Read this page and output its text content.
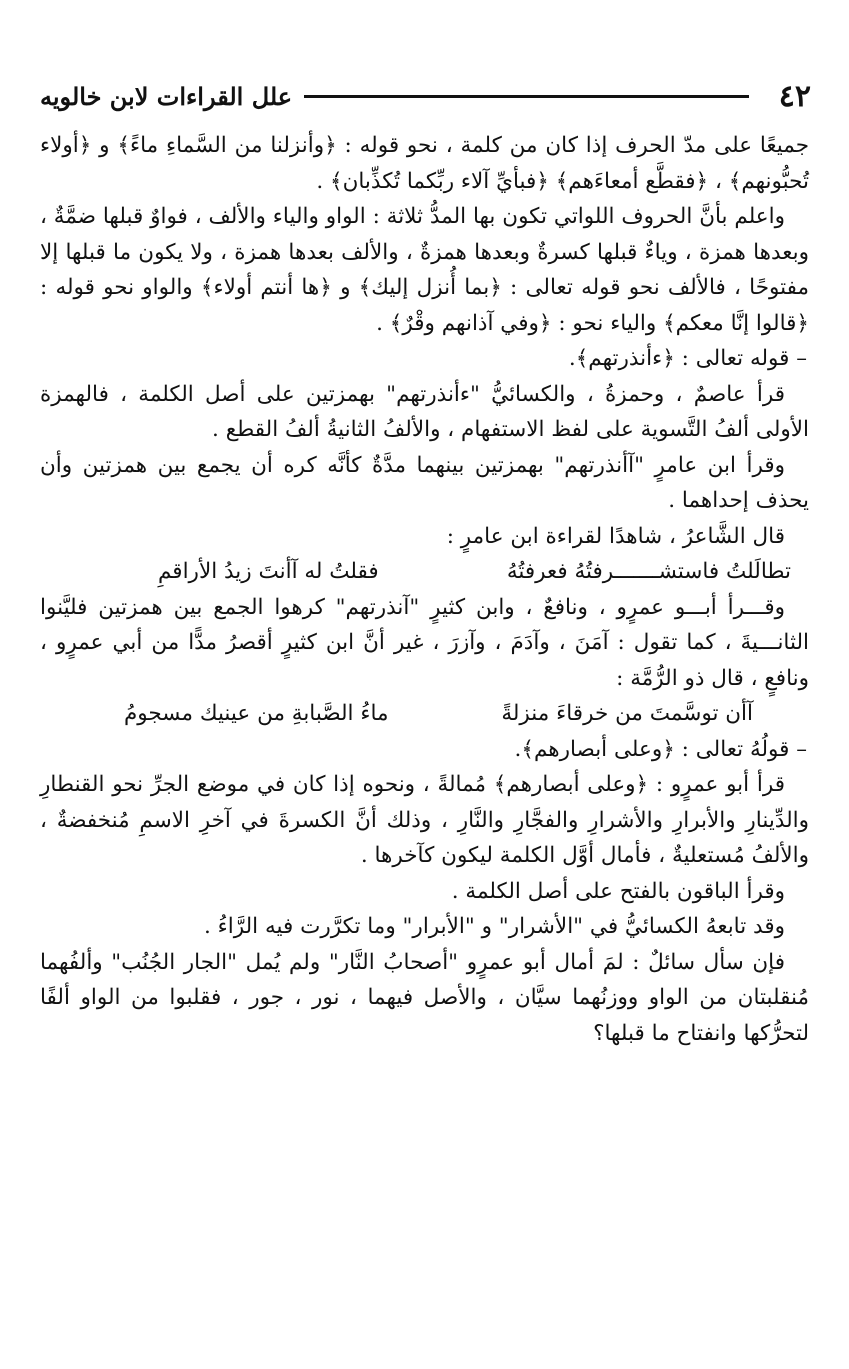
٤٢
علل القراءات لابن خالويه

جميعًا على مدّ الحرف إذا كان من كلمة ، نحو قوله : ﴿وأنزلنا من السَّماءِ ماءً﴾ و ﴿أولاء تُحبُّونهم﴾ ، ﴿فقطَّع أمعاءَهم﴾ ﴿فبأيِّ آلاء ربِّكما تُكذِّبان﴾ .

واعلم بأنَّ الحروف اللواتي تكون بها المدُّ ثلاثة : الواو والياء والألف ، فواوٌ قبلها ضمَّةٌ ، وبعدها همزة ، وياءٌ قبلها كسرةٌ وبعدها همزةٌ ، والألف بعدها همزة ، ولا يكون ما قبلها إلا مفتوحًا ، فالألف نحو قوله تعالى : ﴿بما أُنزل إليك﴾ و ﴿ها أنتم أولاء﴾ والواو نحو قوله : ﴿قالوا إنَّا معكم﴾ والياء نحو : ﴿وفي آذانهم وقْرٌ﴾ .

– قوله تعالى : ﴿ءأنذرتهم﴾.

قرأ عاصمٌ ، وحمزةُ ، والكسائيُّ "ءأنذرتهم" بهمزتين على أصل الكلمة ، فالهمزة الأولى ألفُ التَّسوية على لفظ الاستفهام ، والألفُ الثانيةُ ألفُ القطع .

وقرأ ابن عامرٍ "آأنذرتهم" بهمزتين بينهما مدَّةٌ كأنَّه كره أن يجمع بين همزتين وأن يحذف إحداهما .

قال الشَّاعرُ ، شاهدًا لقراءة ابن عامرٍ :

تطالَلتُ فاستشـــــــرفتُهُ فعرفتُهُ
فقلتُ له آأنتَ زيدُ الأراقمِ

وقـــرأ أبـــو عمرٍو ، ونافعٌ ، وابن كثيرٍ "آنذرتهم" كرهوا الجمع بين همزتين فليَّنوا الثانـــيةَ ، كما تقول : آمَنَ ، وآدَمَ ، وآزرَ ، غير أنَّ ابن كثيرٍ أقصرُ مدًّا من أبي عمرٍو ، ونافعٍ ، قال ذو الرُّمَّة :

آأن توسَّمتَ من خرقاءَ منزلةً
ماءُ الصَّبابةِ من عينيك مسجومُ

– قولُهُ تعالى : ﴿وعلى أبصارهم﴾.

قرأ أبو عمرٍو : ﴿وعلى أبصارهم﴾ مُمالةً ، ونحوه إذا كان في موضع الجرِّ نحو القنطارِ والدِّينارِ والأبرارِ والأشرارِ والفجَّارِ والنَّارِ ، وذلك أنَّ الكسرةَ في آخرِ الاسمِ مُنخفضةٌ ، والألفُ مُستعليةٌ ، فأمال أوَّل الكلمة ليكون كآخرها .

وقرأ الباقون بالفتح على أصل الكلمة .

وقد تابعهُ الكسائيُّ في "الأشرار" و "الأبرار" وما تكرَّرت فيه الرَّاءُ .

فإن سأل سائلٌ : لمَ أمال أبو عمرٍو "أصحابُ النَّار" ولم يُمل "الجار الجُنُب" وألفُهما مُنقلبتان من الواو ووزنُهما سيَّان ، والأصل فيهما ، نور ، جور ، فقلبوا من الواو ألفًا لتحرُّكها وانفتاح ما قبلها؟
